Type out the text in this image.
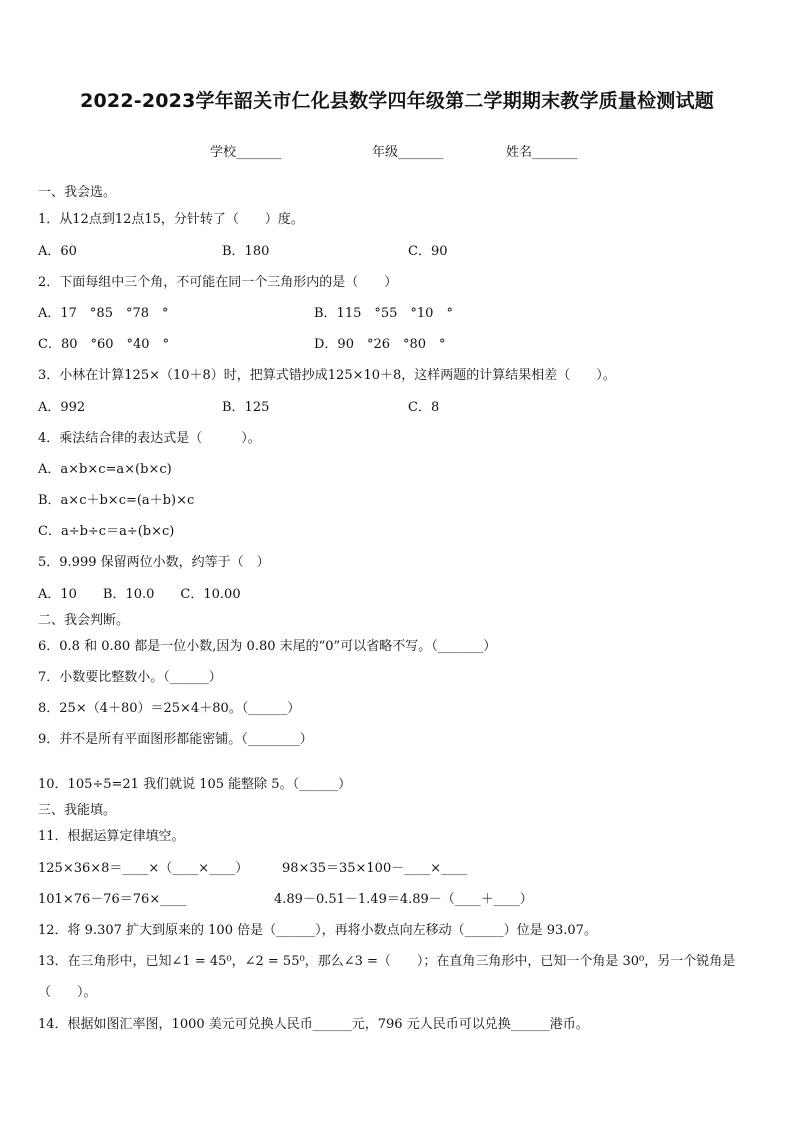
2022-2023学年韶关市仁化县数学四年级第二学期期末教学质量检测试题
学校_______	年级_______	姓名_______
一、我会选。
1．从12点到12点15，分针转了（　　）度。
A．60	B．180	C．90
2．下面每组中三个角，不可能在同一个三角形内的是（　　）
A．17　°85　°78　°	B．115　°55　°10　°
C．80　°60　°40　°	D．90　°26　°80　°
3．小林在计算125×（10＋8）时，把算式错抄成125×10＋8，这样两题的计算结果相差（　　）。
A．992	B．125	C．8
4．乘法结合律的表达式是（　　　）。
A．a×b×c=a×(b×c)
B．a×c＋b×c=(a＋b)×c
C．a÷b÷c＝a÷(b×c)
5．9.999 保留两位小数，约等于（　）
A．10　　B．10.0　　C．10.00
二、我会判断。
6．0.8 和 0.80 都是一位小数,因为 0.80 末尾的“0”可以省略不写。（_______）
7．小数要比整数小。（______）
8．25×（4＋80）＝25×4＋80。（______）
9．并不是所有平面图形都能密铺。（________）
10．105÷5=21 我们就说 105 能整除 5。（______）
三、我能填。
11．根据运算定律填空。
125×36×8＝____×（____×____）	98×35＝35×100－____×____
101×76－76＝76×____	4.89－0.51－1.49＝4.89－（____＋____）
12．将 9.307 扩大到原来的 100 倍是（______），再将小数点向左移动（______）位是 93.07。
13．在三角形中，已知∠1 = 45⁰，∠2 = 55⁰，那么∠3 =（　　）；在直角三角形中，已知一个角是 30⁰，另一个锐角是
（　　）。
14．根据如图汇率图，1000 美元可兑换人民币______元，796 元人民币可以兑换______港币。
